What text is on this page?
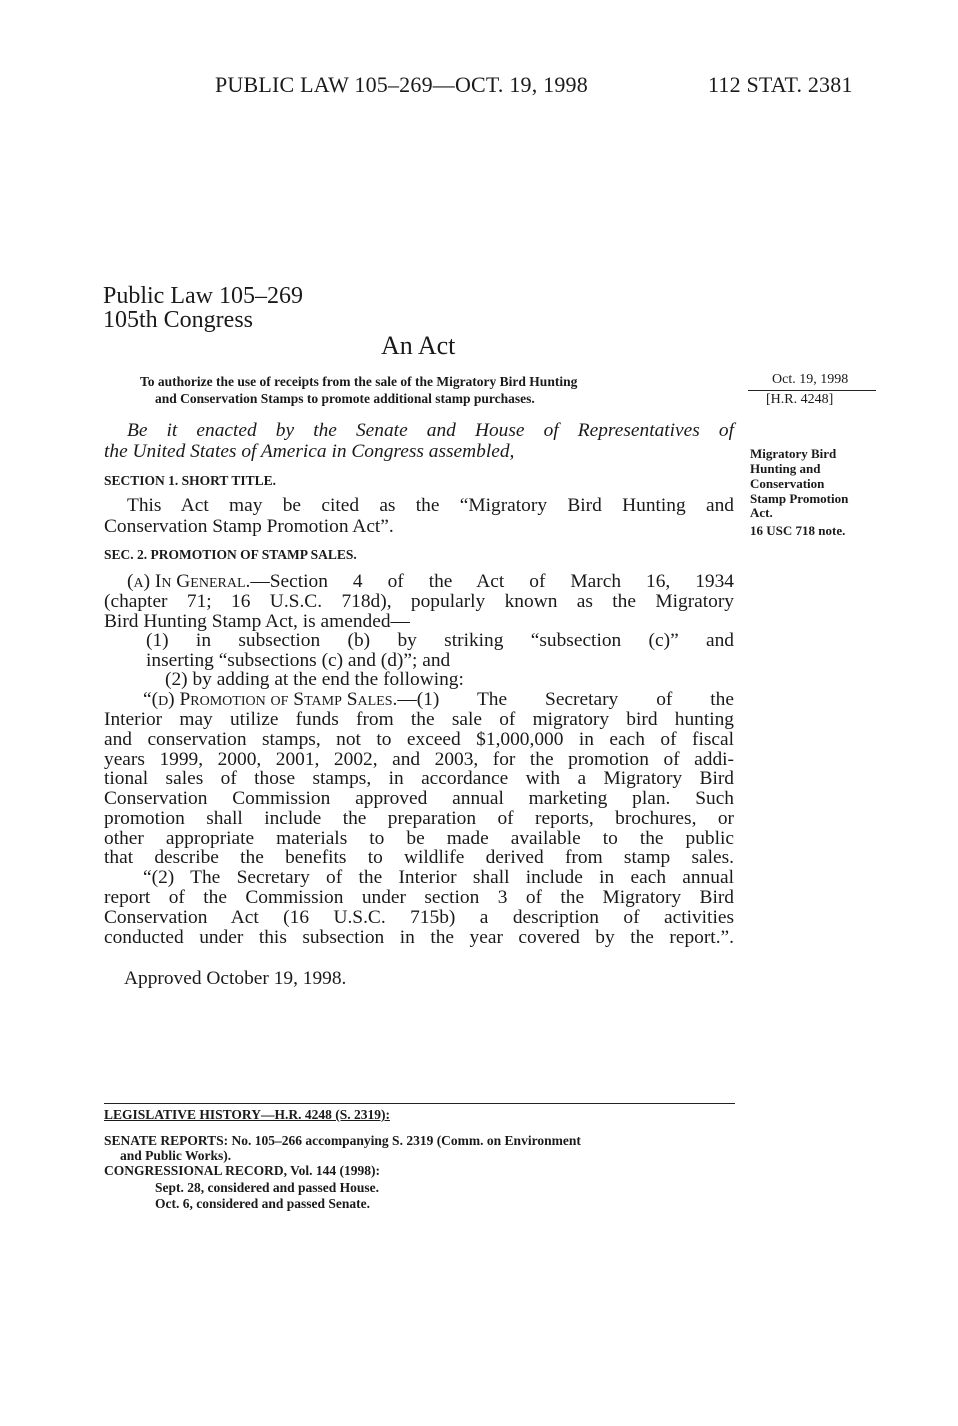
PUBLIC LAW 105–269—OCT. 19, 1998	112 STAT. 2381
Public Law 105–269
105th Congress
An Act
To authorize the use of receipts from the sale of the Migratory Bird Hunting
and Conservation Stamps to promote additional stamp purchases.
Oct. 19, 1998
[H.R. 4248]
Migratory Bird
Hunting and
Conservation
Stamp Promotion
Act.
16 USC 718 note.
Be it enacted by the Senate and House of Representatives of
the United States of America in Congress assembled,
SECTION 1. SHORT TITLE.
This Act may be cited as the “Migratory Bird Hunting and
Conservation Stamp Promotion Act”.
SEC. 2. PROMOTION OF STAMP SALES.
(a) In General. —Section 4 of the Act of March 16, 1934
(chapter 71; 16 U.S.C. 718d), popularly known as the Migratory
Bird Hunting Stamp Act, is amended—
(1) in subsection (b) by striking “subsection (c)” and
inserting “subsections (c) and (d)”; and
(2) by adding at the end the following:
“(d) Promotion of Stamp Sales. —(1) The Secretary of the
Interior may utilize funds from the sale of migratory bird hunting
and conservation stamps, not to exceed $1,000,000 in each of fiscal
years 1999, 2000, 2001, 2002, and 2003, for the promotion of addi-
tional sales of those stamps, in accordance with a Migratory Bird
Conservation Commission approved annual marketing plan. Such
promotion shall include the preparation of reports, brochures, or
other appropriate materials to be made available to the public
that describe the benefits to wildlife derived from stamp sales.
“(2) The Secretary of the Interior shall include in each annual
report of the Commission under section 3 of the Migratory Bird
Conservation Act (16 U.S.C. 715b) a description of activities
conducted under this subsection in the year covered by the report.”.
Approved October 19, 1998.
LEGISLATIVE HISTORY—H.R. 4248 (S. 2319):
SENATE REPORTS: No. 105–266 accompanying S. 2319 (Comm. on Environment
and Public Works).
CONGRESSIONAL RECORD, Vol. 144 (1998):
Sept. 28, considered and passed House.
Oct. 6, considered and passed Senate.
